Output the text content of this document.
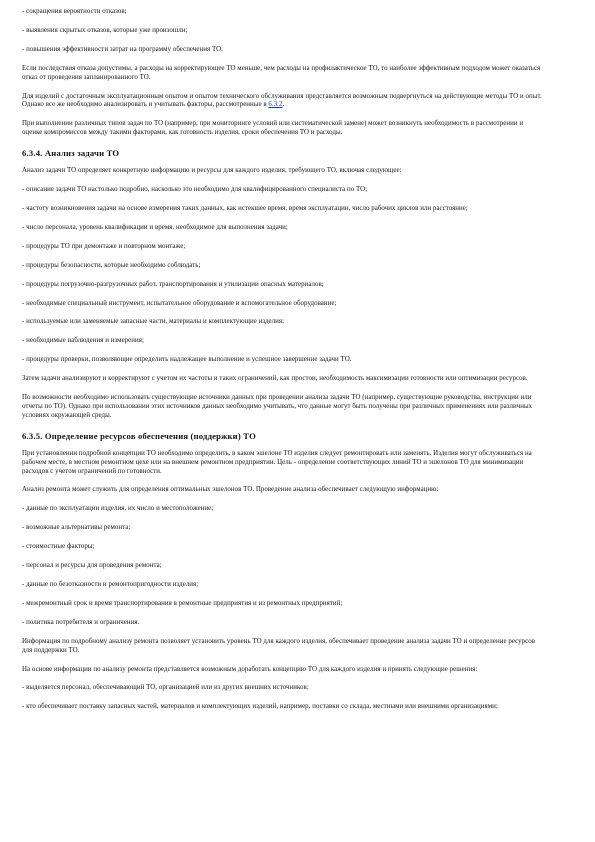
- сокращения вероятности отказов;

- выявления скрытых отказов, которые уже произошли;

- повышения эффективности затрат на программу обеспечения ТО.

Если последствия отказа допустимы, а расходы на корректирующее ТО меньше, чем расходы на профилактическое ТО, то наиболее эффективным подходом может оказаться отказ от проведения запланированного ТО.

Для изделий с достаточным эксплуатационным опытом и опытом технического обслуживания представляется возможным подвергнуться на действующие методы ТО и опыт. Однако все же необходимо анализировать и учитывать факторы, рассмотренные в 6.3.2.

При выполнении различных типов задач по ТО (например, при мониторинге условий или систематической замене) может возникнуть необходимость в рассмотрении и оценке компромиссов между такими факторами, как готовность изделия, сроки обеспечения ТО и расходы.

6.3.4. Анализ задачи ТО

Анализ задачи ТО определяет конкретную информацию и ресурсы для каждого изделия, требующего ТО, включая следующее:

- описание задачи ТО настолько подробно, насколько это необходимо для квалифицированного специалиста по ТО;

- частоту возникновения задачи на основе измерения таких данных, как истекшее время, время эксплуатации, число рабочих циклов или расстояние;

- число персонала, уровень квалификации и время, необходимое для выполнения задачи;

- процедуры ТО при демонтаже и повторном монтаже;

- процедуры безопасности, которые необходимо соблюдать;

- процедуры погрузочно-разгрузочных работ, транспортирования и утилизации опасных материалов;

- необходимые специальный инструмент, испытательное оборудование и вспомогательное оборудование;

- используемые или заменяемые запасные части, материалы и комплектующие изделия;

- необходимые наблюдения и измерения;

- процедуры проверки, позволяющие определить надлежащее выполнение и успешное завершение задачи ТО.

Затем задачи анализируют и корректируют с учетом их частоты и таких ограничений, как простои, необходимость максимизации готовности или оптимизации ресурсов.

По возможности необходимо использовать существующие источники данных при проведении анализа задачи ТО (например, существующие руководства, инструкции или отчеты по ТО). Однако при использовании этих источников данных необходимо учитывать, что данные могут быть получены при различных применениях или различных условиях окружающей среды.

6.3.5. Определение ресурсов обеспечения (поддержки) ТО

При установлении подробной концепции ТО необходимо определить, в каком эшелоне ТО изделия следует ремонтировать или заменять. Изделия могут обслуживаться на рабочем месте, в местном ремонтном цехе или на внешнем ремонтном предприятии. Цель - определение соответствующих линий ТО и эшелонов ТО для минимизации расходов с учетом ограничений по готовности.

Анализ ремонта может служить для определения оптимальных эшелонов ТО. Проведение анализа обеспечивает следующую информацию:

- данные по эксплуатации изделия, их число и местоположение;

- возможные альтернативы ремонта;

- стоимостные факторы;

- персонал и ресурсы для проведения ремонта;

- данные по безотказности и ремонтопригодности изделия;

- межремонтный срок и время транспортирования в ремонтные предприятия и из ремонтных предприятий;

- политика потребителя и ограничения.

Информация по подробному анализу ремонта позволяет установить уровень ТО для каждого изделия, обеспечивает проведение анализа задачи ТО и определение ресурсов для поддержки ТО.

На основе информации по анализу ремонта представляется возможным доработать концепцию ТО для каждого изделия и принять следующие решения:

- выделяется персонал, обеспечивающий ТО, организацией или из других внешних источников;

- кто обеспечивает поставку запасных частей, материалов и комплектующих изделий, например, поставки со склада, местными или внешними организациями;
